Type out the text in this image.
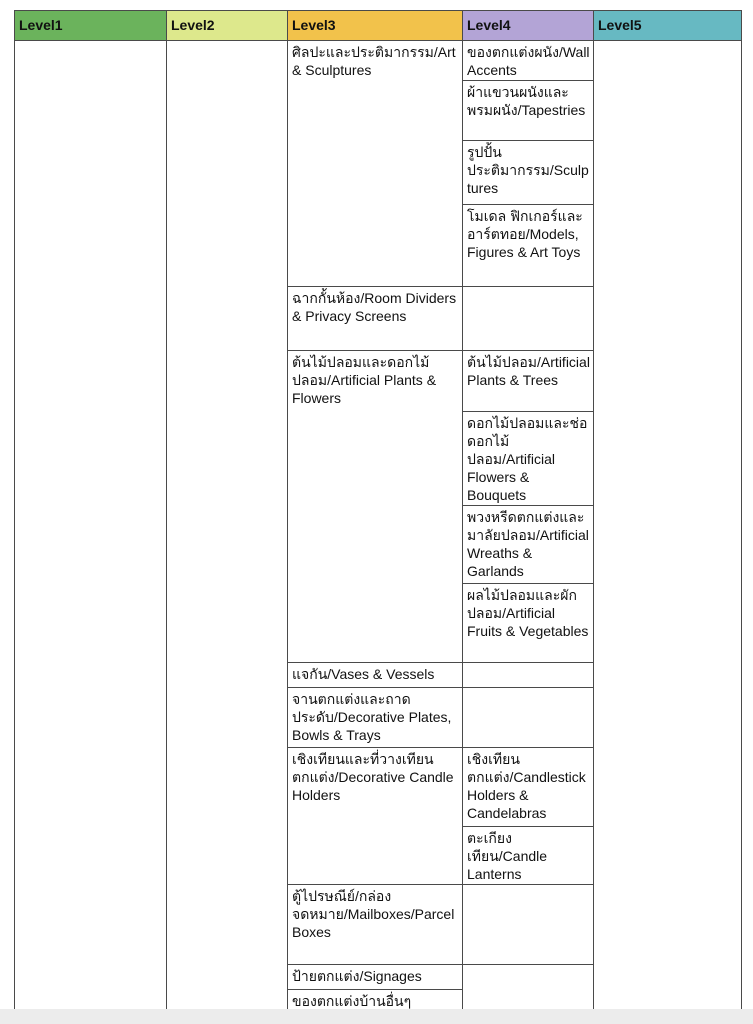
Level1	Level2	Level3	Level4	Level5
		ศิลปะและประติมากรรม/Art & Sculptures	ของตกแต่งผนัง/Wall Accents	
			ผ้าแขวนผนังและพรมผนัง/Tapestries	
			รูปปั้นประติมากรรม/Sculptures	
			โมเดล ฟิกเกอร์และอาร์ตทอย/Models, Figures & Art Toys	
		ฉากกั้นห้อง/Room Dividers & Privacy Screens		
		ต้นไม้ปลอมและดอกไม้ปลอม/Artificial Plants & Flowers	ต้นไม้ปลอม/Artificial Plants & Trees	
			ดอกไม้ปลอมและช่อดอกไม้ปลอม/Artificial Flowers & Bouquets	
			พวงหรีดตกแต่งและมาลัยปลอม/Artificial Wreaths & Garlands	
			ผลไม้ปลอมและผักปลอม/Artificial Fruits & Vegetables	
		แจกัน/Vases & Vessels		
		จานตกแต่งและถาดประดับ/Decorative Plates, Bowls & Trays		
		เชิงเทียนและที่วางเทียนตกแต่ง/Decorative Candle Holders	เชิงเทียนตกแต่ง/Candlestick Holders & Candelabras	
			ตะเกียงเทียน/Candle Lanterns	
		ตู้ไปรษณีย์/กล่องจดหมาย/Mailboxes/Parcel Boxes		
		ป้ายตกแต่ง/Signages		
		ของตกแต่งบ้านอื่นๆ		
